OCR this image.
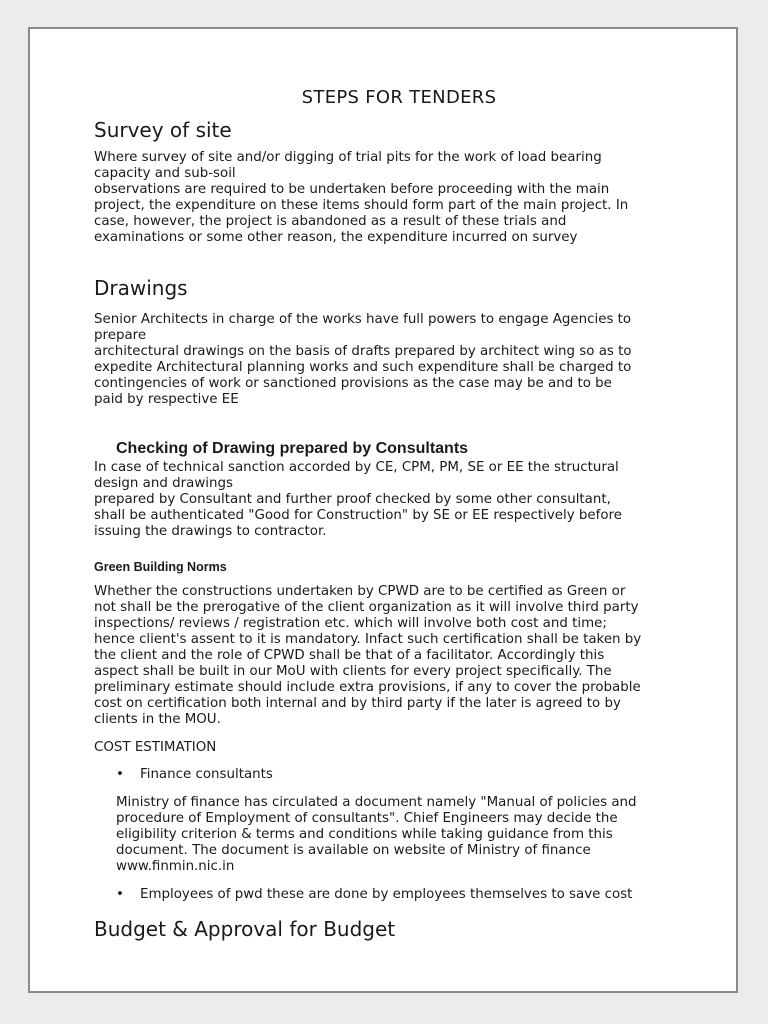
STEPS FOR TENDERS
Survey of site
Where survey of site and/or digging of trial pits for the work of load bearing
capacity and sub-soil
observations are required to be undertaken before proceeding with the main
project, the expenditure on these items should form part of the main project. In
case, however, the project is abandoned as a result of these trials and
examinations or some other reason, the expenditure incurred on survey
Drawings
Senior Architects in charge of the works have full powers to engage Agencies to
prepare
architectural drawings on the basis of drafts prepared by architect wing so as to
expedite Architectural planning works and such expenditure shall be charged to
contingencies of work or sanctioned provisions as the case may be and to be
paid by respective EE
Checking of Drawing prepared by Consultants
In case of technical sanction accorded by CE, CPM, PM, SE or EE the structural
design and drawings
prepared by Consultant and further proof checked by some other consultant,
shall be authenticated "Good for Construction" by SE or EE respectively before
issuing the drawings to contractor.
Green Building Norms
Whether the constructions undertaken by CPWD are to be certified as Green or
not shall be the prerogative of the client organization as it will involve third party
inspections/ reviews / registration etc. which will involve both cost and time;
hence client's assent to it is mandatory. Infact such certification shall be taken by
the client and the role of CPWD shall be that of a facilitator. Accordingly this
aspect shall be built in our MoU with clients for every project specifically. The
preliminary estimate should include extra provisions, if any to cover the probable
cost on certification both internal and by third party if the later is agreed to by
clients in the MOU.
COST ESTIMATION
•	Finance consultants
Ministry of finance has circulated a document namely "Manual of policies and
procedure of Employment of consultants". Chief Engineers may decide the
eligibility criterion & terms and conditions while taking guidance from this
document. The document is available on website of Ministry of finance
www.finmin.nic.in
•	Employees of pwd these are done by employees themselves to save cost
Budget & Approval for Budget
